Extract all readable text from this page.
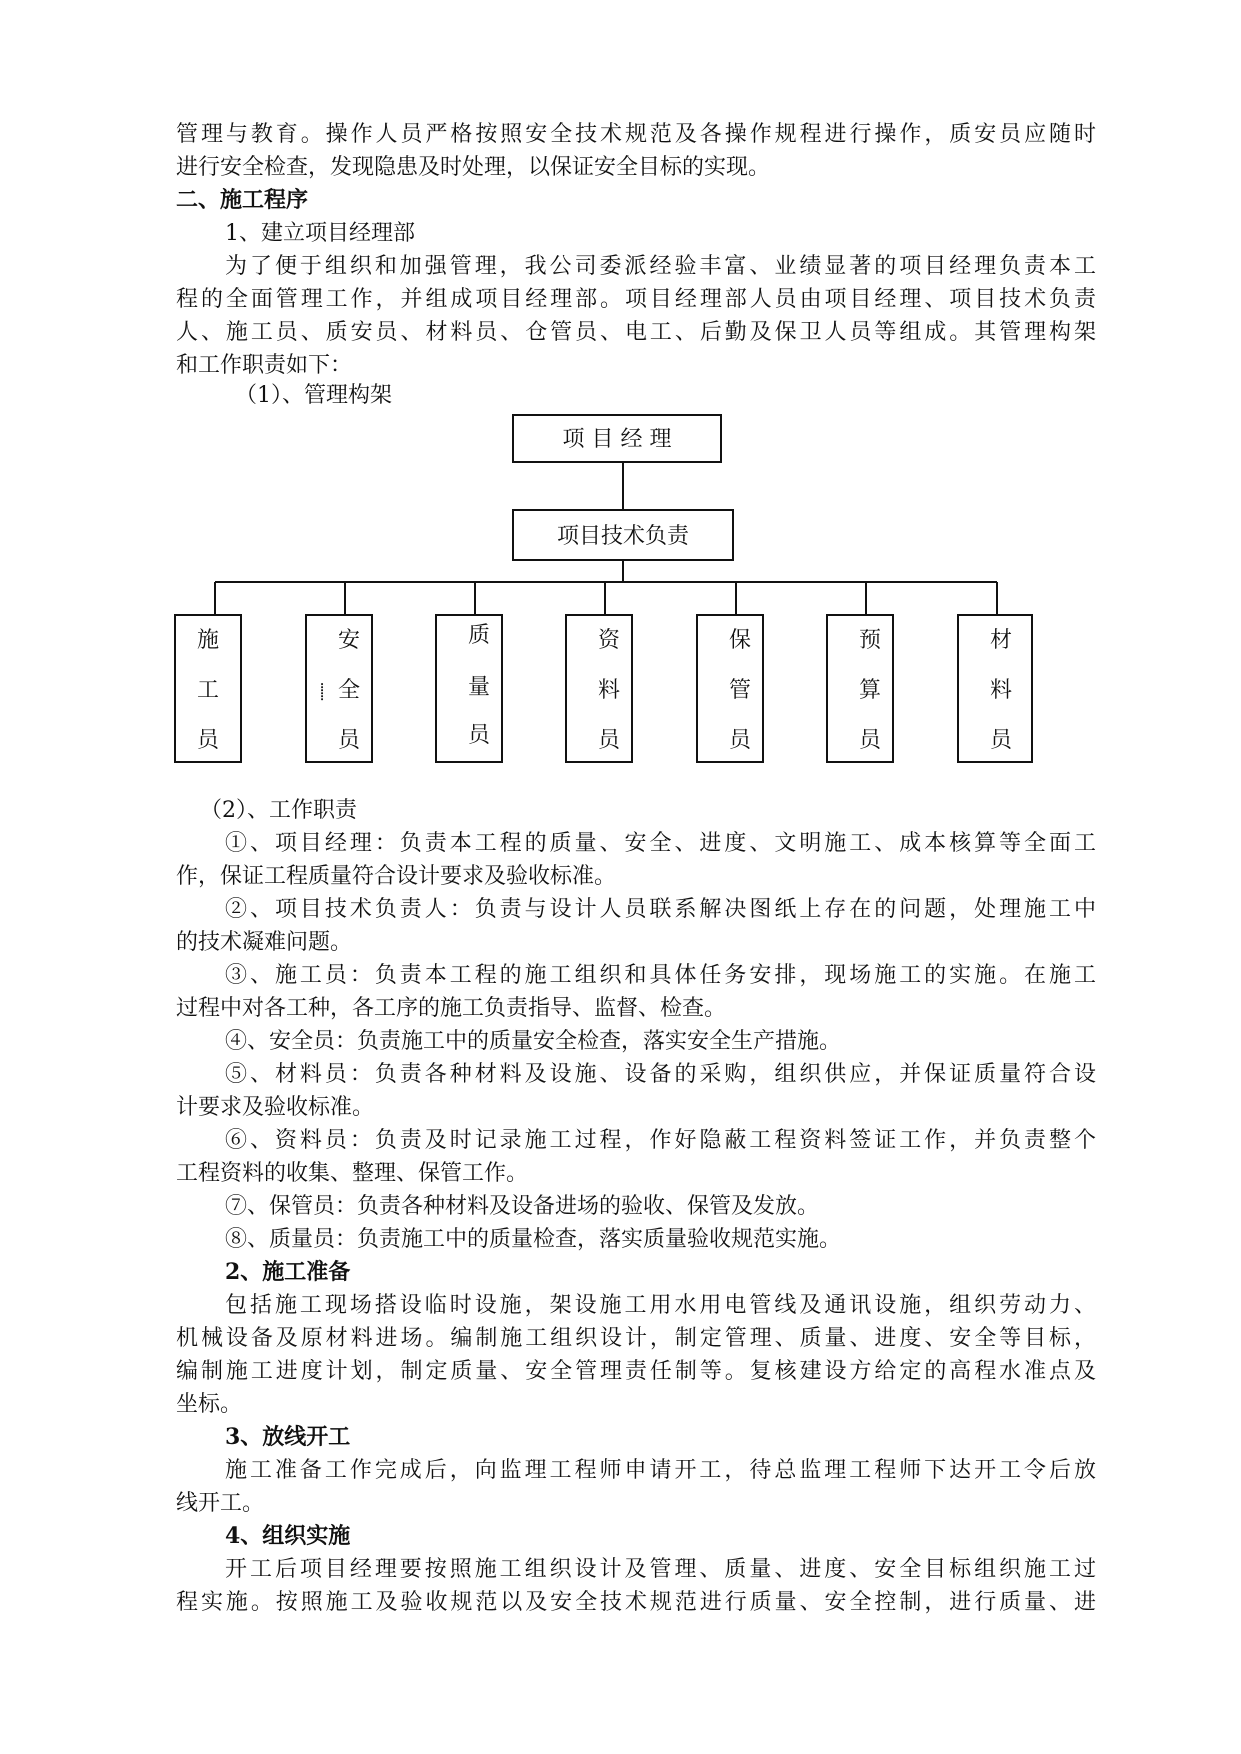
管理与教育。操作人员严格按照安全技术规范及各操作规程进行操作，质安员应随时
进行安全检查，发现隐患及时处理，以保证安全目标的实现。
二、施工程序
1、建立项目经理部
为了便于组织和加强管理，我公司委派经验丰富、业绩显著的项目经理负责本工
程的全面管理工作，并组成项目经理部。项目经理部人员由项目经理、项目技术负责
人、施工员、质安员、材料员、仓管员、电工、后勤及保卫人员等组成。其管理构架
和工作职责如下：
（1）、管理构架
项 目 经 理
项目技术负责
施
工
员
安
⸽ 全
员
质
量
员
资
料
员
保
管
员
预
算
员
材
料
员
（2）、工作职责
①、项目经理：负责本工程的质量、安全、进度、文明施工、成本核算等全面工
作，保证工程质量符合设计要求及验收标准。
②、项目技术负责人：负责与设计人员联系解决图纸上存在的问题，处理施工中
的技术凝难问题。
③、施工员：负责本工程的施工组织和具体任务安排，现场施工的实施。在施工
过程中对各工种，各工序的施工负责指导、监督、检查。
④、安全员：负责施工中的质量安全检查，落实安全生产措施。
⑤、材料员：负责各种材料及设施、设备的采购，组织供应，并保证质量符合设
计要求及验收标准。
⑥、资料员：负责及时记录施工过程，作好隐蔽工程资料签证工作，并负责整个
工程资料的收集、整理、保管工作。
⑦、保管员：负责各种材料及设备进场的验收、保管及发放。
⑧、质量员：负责施工中的质量检查，落实质量验收规范实施。
2、施工准备
包括施工现场搭设临时设施，架设施工用水用电管线及通讯设施，组织劳动力、
机械设备及原材料进场。编制施工组织设计，制定管理、质量、进度、安全等目标，
编制施工进度计划，制定质量、安全管理责任制等。复核建设方给定的高程水准点及
坐标。
3、放线开工
施工准备工作完成后，向监理工程师申请开工，待总监理工程师下达开工令后放
线开工。
4、组织实施
开工后项目经理要按照施工组织设计及管理、质量、进度、安全目标组织施工过
程实施。按照施工及验收规范以及安全技术规范进行质量、安全控制，进行质量、进
